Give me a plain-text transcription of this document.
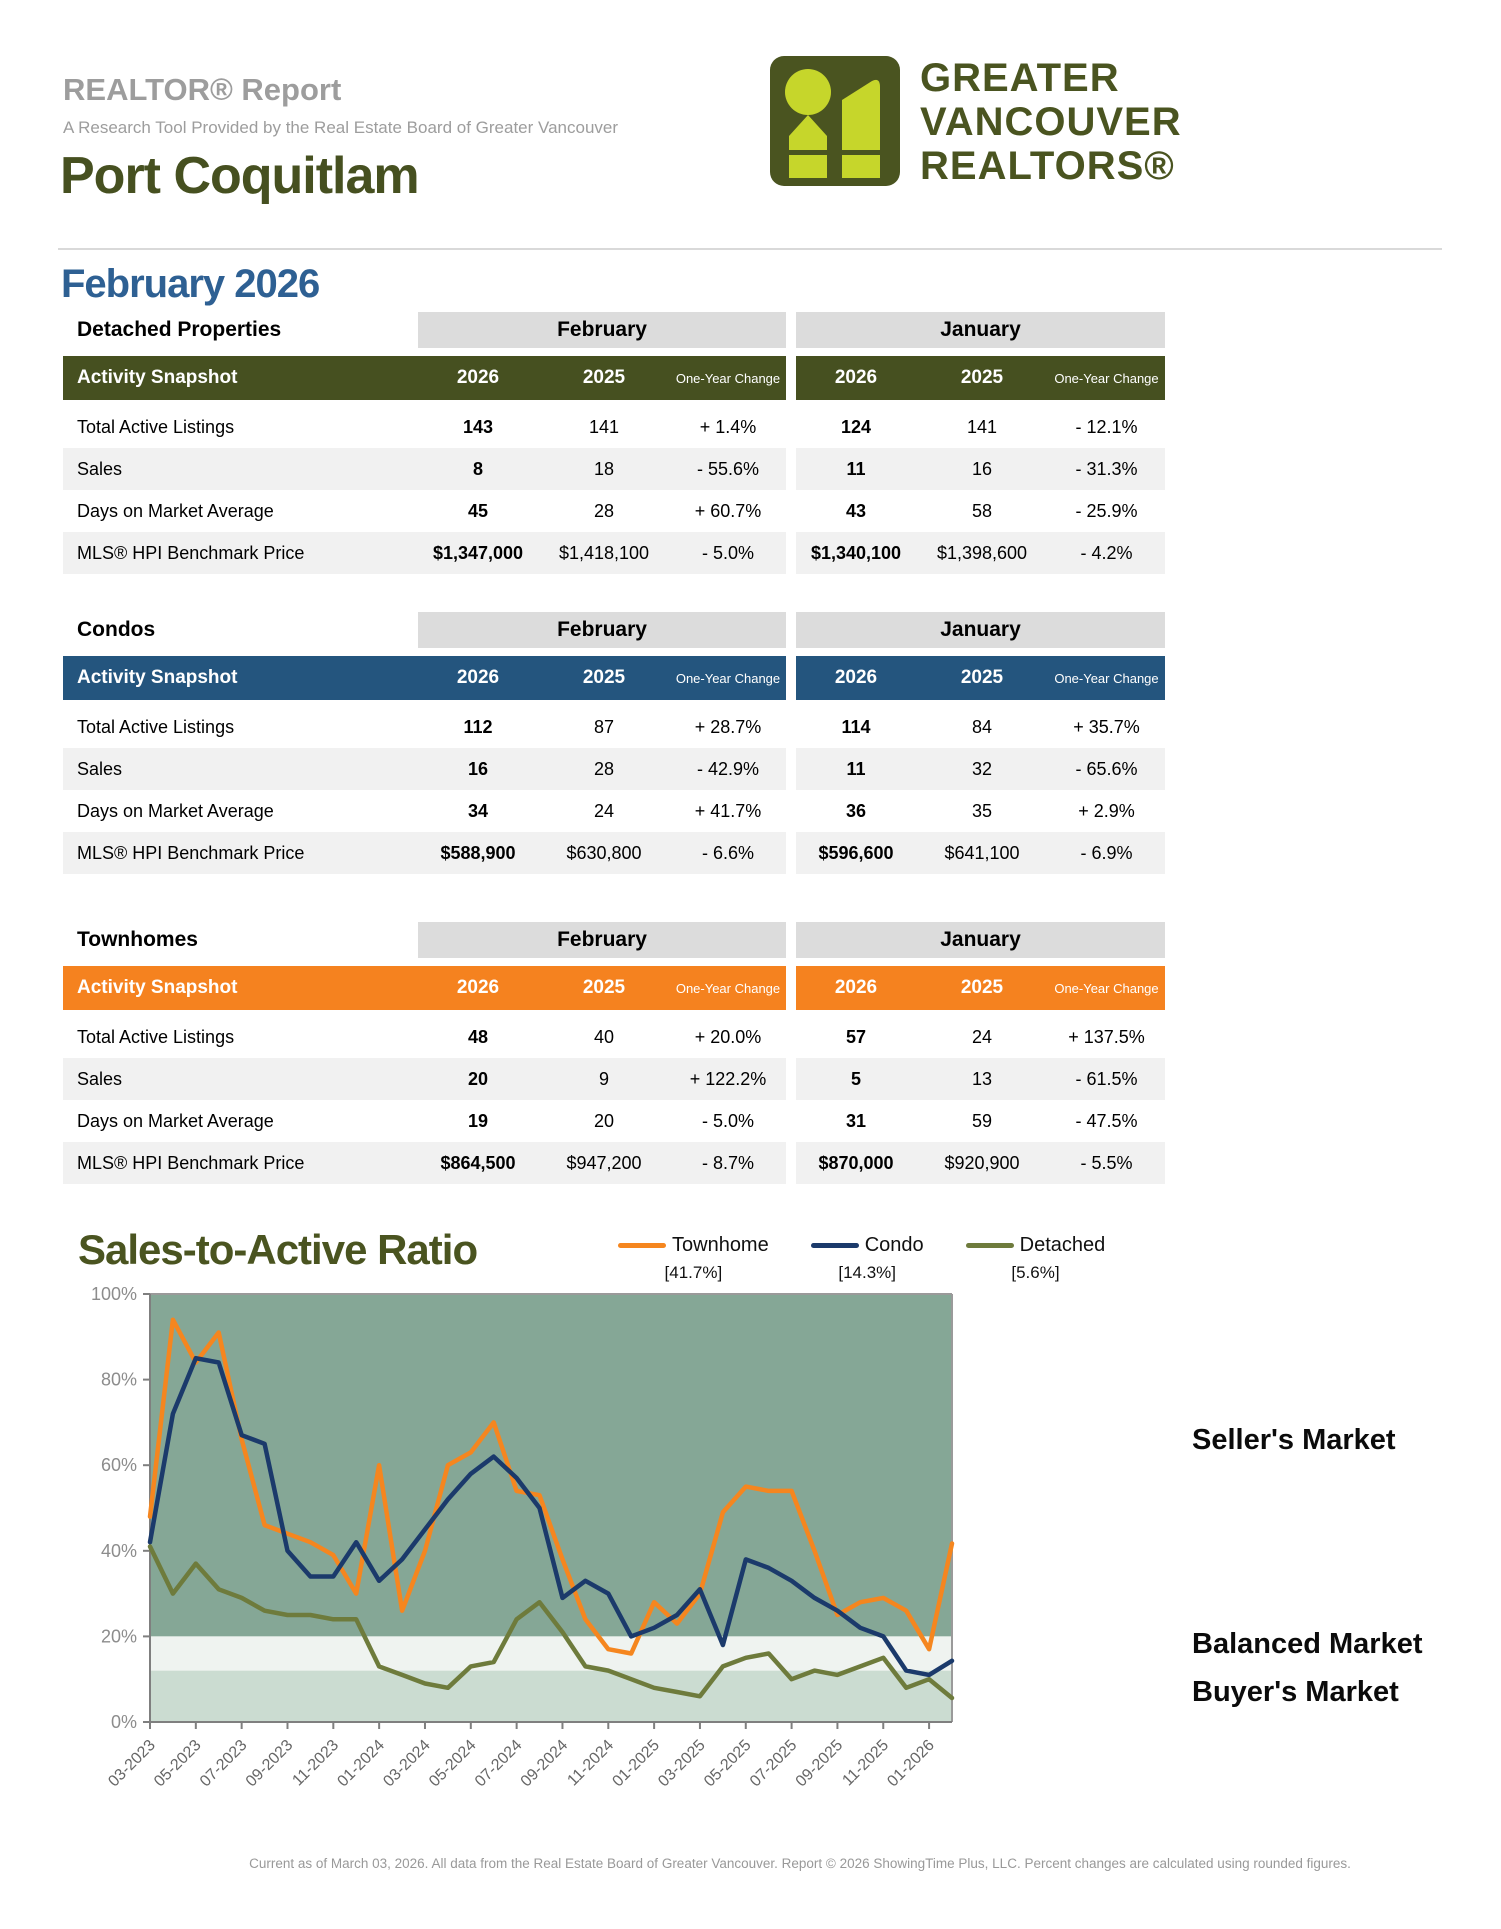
REALTOR® Report
A Research Tool Provided by the Real Estate Board of Greater Vancouver
Port Coquitlam
GREATER
VANCOUVER
REALTORS®
February 2026
Detached Properties	February	January
Activity Snapshot	2026	2025	One-Year Change	2026	2025	One-Year Change
Total Active Listings	143	141	+ 1.4%	124	141	- 12.1%
Sales	8	18	- 55.6%	11	16	- 31.3%
Days on Market Average	45	28	+ 60.7%	43	58	- 25.9%
MLS® HPI Benchmark Price	$1,347,000	$1,418,100	- 5.0%	$1,340,100	$1,398,600	- 4.2%
Condos	February	January
Activity Snapshot	2026	2025	One-Year Change	2026	2025	One-Year Change
Total Active Listings	112	87	+ 28.7%	114	84	+ 35.7%
Sales	16	28	- 42.9%	11	32	- 65.6%
Days on Market Average	34	24	+ 41.7%	36	35	+ 2.9%
MLS® HPI Benchmark Price	$588,900	$630,800	- 6.6%	$596,600	$641,100	- 6.9%
Townhomes	February	January
Activity Snapshot	2026	2025	One-Year Change	2026	2025	One-Year Change
Total Active Listings	48	40	+ 20.0%	57	24	+ 137.5%
Sales	20	9	+ 122.2%	5	13	- 61.5%
Days on Market Average	19	20	- 5.0%	31	59	- 47.5%
MLS® HPI Benchmark Price	$864,500	$947,200	- 8.7%	$870,000	$920,900	- 5.5%
Sales-to-Active Ratio	Townhome
[41.7%]
Condo
[14.3%]
Detached
[5.6%]
0%
20%
40%
60%
80%
100%
03-2023
05-2023
07-2023
09-2023
11-2023
01-2024
03-2024
05-2024
07-2024
09-2024
11-2024
01-2025
03-2025
05-2025
07-2025
09-2025
11-2025
01-2026
Seller's Market
Balanced Market
Buyer's Market
Current as of March 03, 2026. All data from the Real Estate Board of Greater Vancouver. Report © 2026 ShowingTime Plus, LLC. Percent changes are calculated using rounded figures.
